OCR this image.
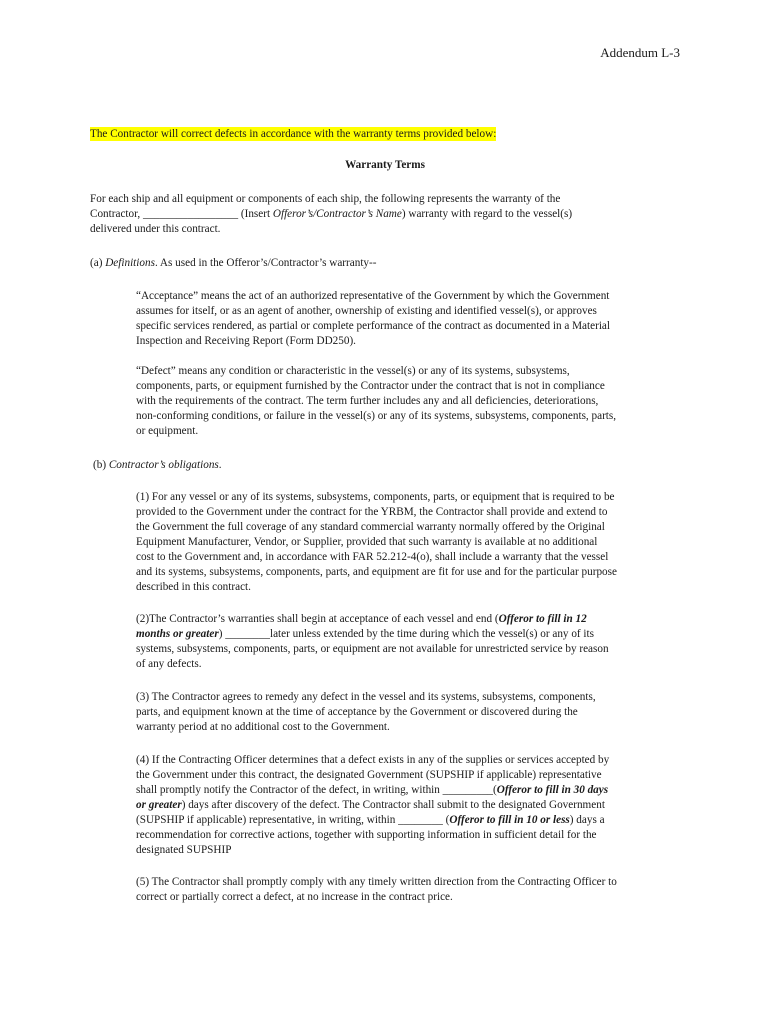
Addendum L-3
The Contractor will correct defects in accordance with the warranty terms provided below:
Warranty Terms
For each ship and all equipment or components of each ship, the following represents the warranty of the
Contractor, _________________ (Insert Offeror’s/Contractor’s Name) warranty with regard to the vessel(s)
delivered under this contract.
(a) Definitions. As used in the Offeror’s/Contractor’s warranty--
“Acceptance” means the act of an authorized representative of the Government by which the Government
assumes for itself, or as an agent of another, ownership of existing and identified vessel(s), or approves
specific services rendered, as partial or complete performance of the contract as documented in a Material
Inspection and Receiving Report (Form DD250).
“Defect” means any condition or characteristic in the vessel(s) or any of its systems, subsystems,
components, parts, or equipment furnished by the Contractor under the contract that is not in compliance
with the requirements of the contract. The term further includes any and all deficiencies, deteriorations,
non-conforming conditions, or failure in the vessel(s) or any of its systems, subsystems, components, parts,
or equipment.
(b) Contractor’s obligations.
(1) For any vessel or any of its systems, subsystems, components, parts, or equipment that is required to be
provided to the Government under the contract for the YRBM, the Contractor shall provide and extend to
the Government the full coverage of any standard commercial warranty normally offered by the Original
Equipment Manufacturer, Vendor, or Supplier, provided that such warranty is available at no additional
cost to the Government and, in accordance with FAR 52.212-4(o), shall include a warranty that the vessel
and its systems, subsystems, components, parts, and equipment are fit for use and for the particular purpose
described in this contract.
(2)The Contractor’s warranties shall begin at acceptance of each vessel and end (Offeror to fill in 12
months or greater) ________later unless extended by the time during which the vessel(s) or any of its
systems, subsystems, components, parts, or equipment are not available for unrestricted service by reason
of any defects.
(3) The Contractor agrees to remedy any defect in the vessel and its systems, subsystems, components,
parts, and equipment known at the time of acceptance by the Government or discovered during the
warranty period at no additional cost to the Government.
(4) If the Contracting Officer determines that a defect exists in any of the supplies or services accepted by
the Government under this contract, the designated Government (SUPSHIP if applicable) representative
shall promptly notify the Contractor of the defect, in writing, within _________(Offeror to fill in 30 days
or greater) days after discovery of the defect. The Contractor shall submit to the designated Government
(SUPSHIP if applicable) representative, in writing, within ________ (Offeror to fill in 10 or less) days a
recommendation for corrective actions, together with supporting information in sufficient detail for the
designated SUPSHIP
(5) The Contractor shall promptly comply with any timely written direction from the Contracting Officer to
correct or partially correct a defect, at no increase in the contract price.
